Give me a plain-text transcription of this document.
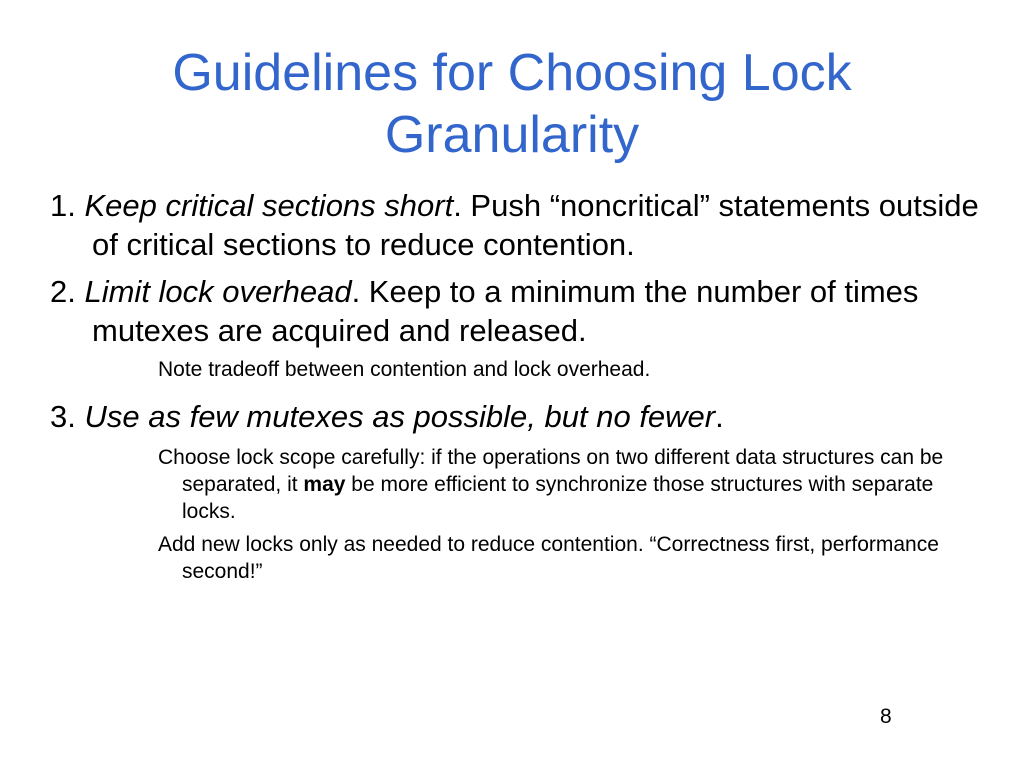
Guidelines for Choosing Lock
Granularity

1. Keep critical sections short. Push “noncritical” statements outside of critical sections to reduce contention.

2. Limit lock overhead. Keep to a minimum the number of times mutexes are acquired and released.

Note tradeoff between contention and lock overhead.

3. Use as few mutexes as possible, but no fewer.

Choose lock scope carefully: if the operations on two different data structures can be separated, it may be more efficient to synchronize those structures with separate locks.

Add new locks only as needed to reduce contention. “Correctness first, performance second!”

8
